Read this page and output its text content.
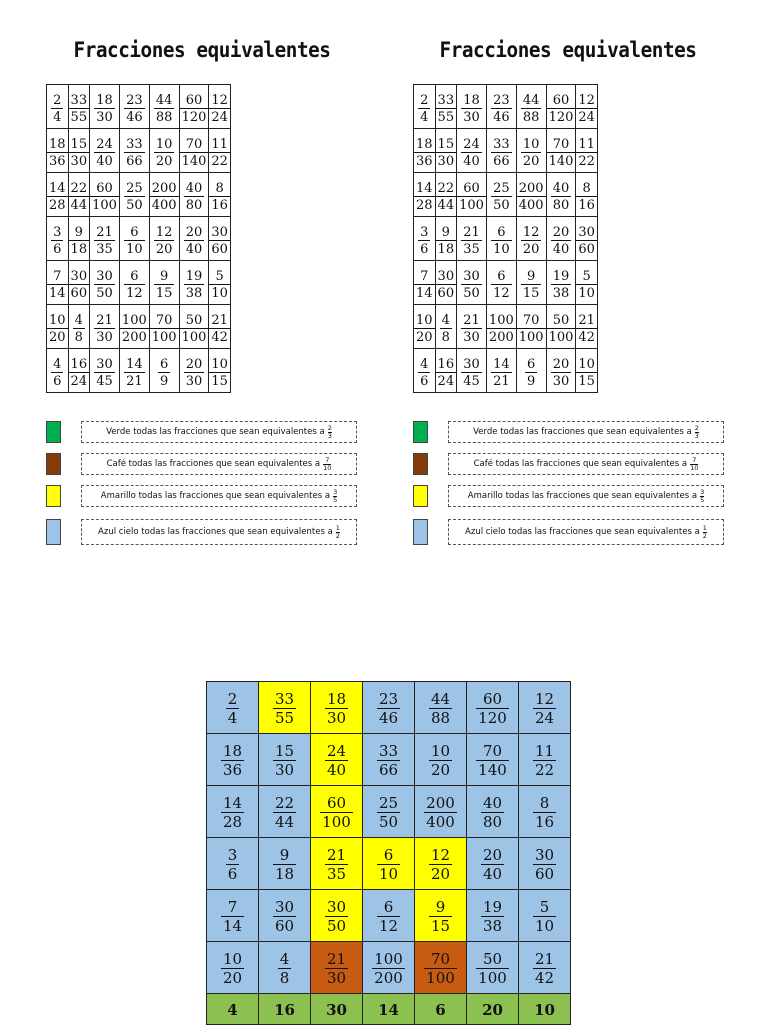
Fracciones equivalentes
$\frac{2}{4}$	$\frac{33}{55}$	$\frac{18}{30}$	$\frac{23}{46}$	$\frac{44}{88}$	$\frac{60}{120}$	$\frac{12}{24}$

$\frac{18}{36}$	$\frac{15}{30}$	$\frac{24}{40}$	$\frac{33}{66}$	$\frac{10}{20}$	$\frac{70}{140}$	$\frac{11}{22}$

$\frac{14}{28}$	$\frac{22}{44}$	$\frac{60}{100}$	$\frac{25}{50}$	$\frac{200}{400}$	$\frac{40}{80}$	$\frac{8}{16}$

$\frac{3}{6}$	$\frac{9}{18}$	$\frac{21}{35}$	$\frac{6}{10}$	$\frac{12}{20}$	$\frac{20}{40}$	$\frac{30}{60}$

$\frac{7}{14}$	$\frac{30}{60}$	$\frac{30}{50}$	$\frac{6}{12}$	$\frac{9}{15}$	$\frac{19}{38}$	$\frac{5}{10}$

$\frac{10}{20}$	$\frac{4}{8}$	$\frac{21}{30}$	$\frac{100}{200}$	$\frac{70}{100}$	$\frac{50}{100}$	$\frac{21}{42}$

$\frac{4}{6}$	$\frac{16}{24}$	$\frac{30}{45}$	$\frac{14}{21}$	$\frac{6}{9}$	$\frac{20}{30}$	$\frac{10}{15}$
Verde todas las fracciones que sean equivalentes a 2
3
Café todas las fracciones que sean equivalentes a 7
10
Amarillo todas las fracciones que sean equivalentes a 3
5
Azul cielo todas las fracciones que sean equivalentes a 1
2
Fracciones equivalentes
$\frac{2}{4}$	$\frac{33}{55}$	$\frac{18}{30}$	$\frac{23}{46}$	$\frac{44}{88}$	$\frac{60}{120}$	$\frac{12}{24}$

$\frac{18}{36}$	$\frac{15}{30}$	$\frac{24}{40}$	$\frac{33}{66}$	$\frac{10}{20}$	$\frac{70}{140}$	$\frac{11}{22}$

$\frac{14}{28}$	$\frac{22}{44}$	$\frac{60}{100}$	$\frac{25}{50}$	$\frac{200}{400}$	$\frac{40}{80}$	$\frac{8}{16}$

$\frac{3}{6}$	$\frac{9}{18}$	$\frac{21}{35}$	$\frac{6}{10}$	$\frac{12}{20}$	$\frac{20}{40}$	$\frac{30}{60}$

$\frac{7}{14}$	$\frac{30}{60}$	$\frac{30}{50}$	$\frac{6}{12}$	$\frac{9}{15}$	$\frac{19}{38}$	$\frac{5}{10}$

$\frac{10}{20}$	$\frac{4}{8}$	$\frac{21}{30}$	$\frac{100}{200}$	$\frac{70}{100}$	$\frac{50}{100}$	$\frac{21}{42}$

$\frac{4}{6}$	$\frac{16}{24}$	$\frac{30}{45}$	$\frac{14}{21}$	$\frac{6}{9}$	$\frac{20}{30}$	$\frac{10}{15}$
Verde todas las fracciones que sean equivalentes a 2
3
Café todas las fracciones que sean equivalentes a 7
10
Amarillo todas las fracciones que sean equivalentes a 3
5
Azul cielo todas las fracciones que sean equivalentes a 1
2
$\frac{2}{4}$	$\frac{33}{55}$	$\frac{18}{30}$	$\frac{23}{46}$	$\frac{44}{88}$	$\frac{60}{120}$	$\frac{12}{24}$

$\frac{18}{36}$	$\frac{15}{30}$	$\frac{24}{40}$	$\frac{33}{66}$	$\frac{10}{20}$	$\frac{70}{140}$	$\frac{11}{22}$

$\frac{14}{28}$	$\frac{22}{44}$	$\frac{60}{100}$	$\frac{25}{50}$	$\frac{200}{400}$	$\frac{40}{80}$	$\frac{8}{16}$

$\frac{3}{6}$	$\frac{9}{18}$	$\frac{21}{35}$	$\frac{6}{10}$	$\frac{12}{20}$	$\frac{20}{40}$	$\frac{30}{60}$

$\frac{7}{14}$	$\frac{30}{60}$	$\frac{30}{50}$	$\frac{6}{12}$	$\frac{9}{15}$	$\frac{19}{38}$	$\frac{5}{10}$

$\frac{10}{20}$	$\frac{4}{8}$	$\frac{21}{30}$	$\frac{100}{200}$	$\frac{70}{100}$	$\frac{50}{100}$	$\frac{21}{42}$

4	16	30	14	6	20	10
